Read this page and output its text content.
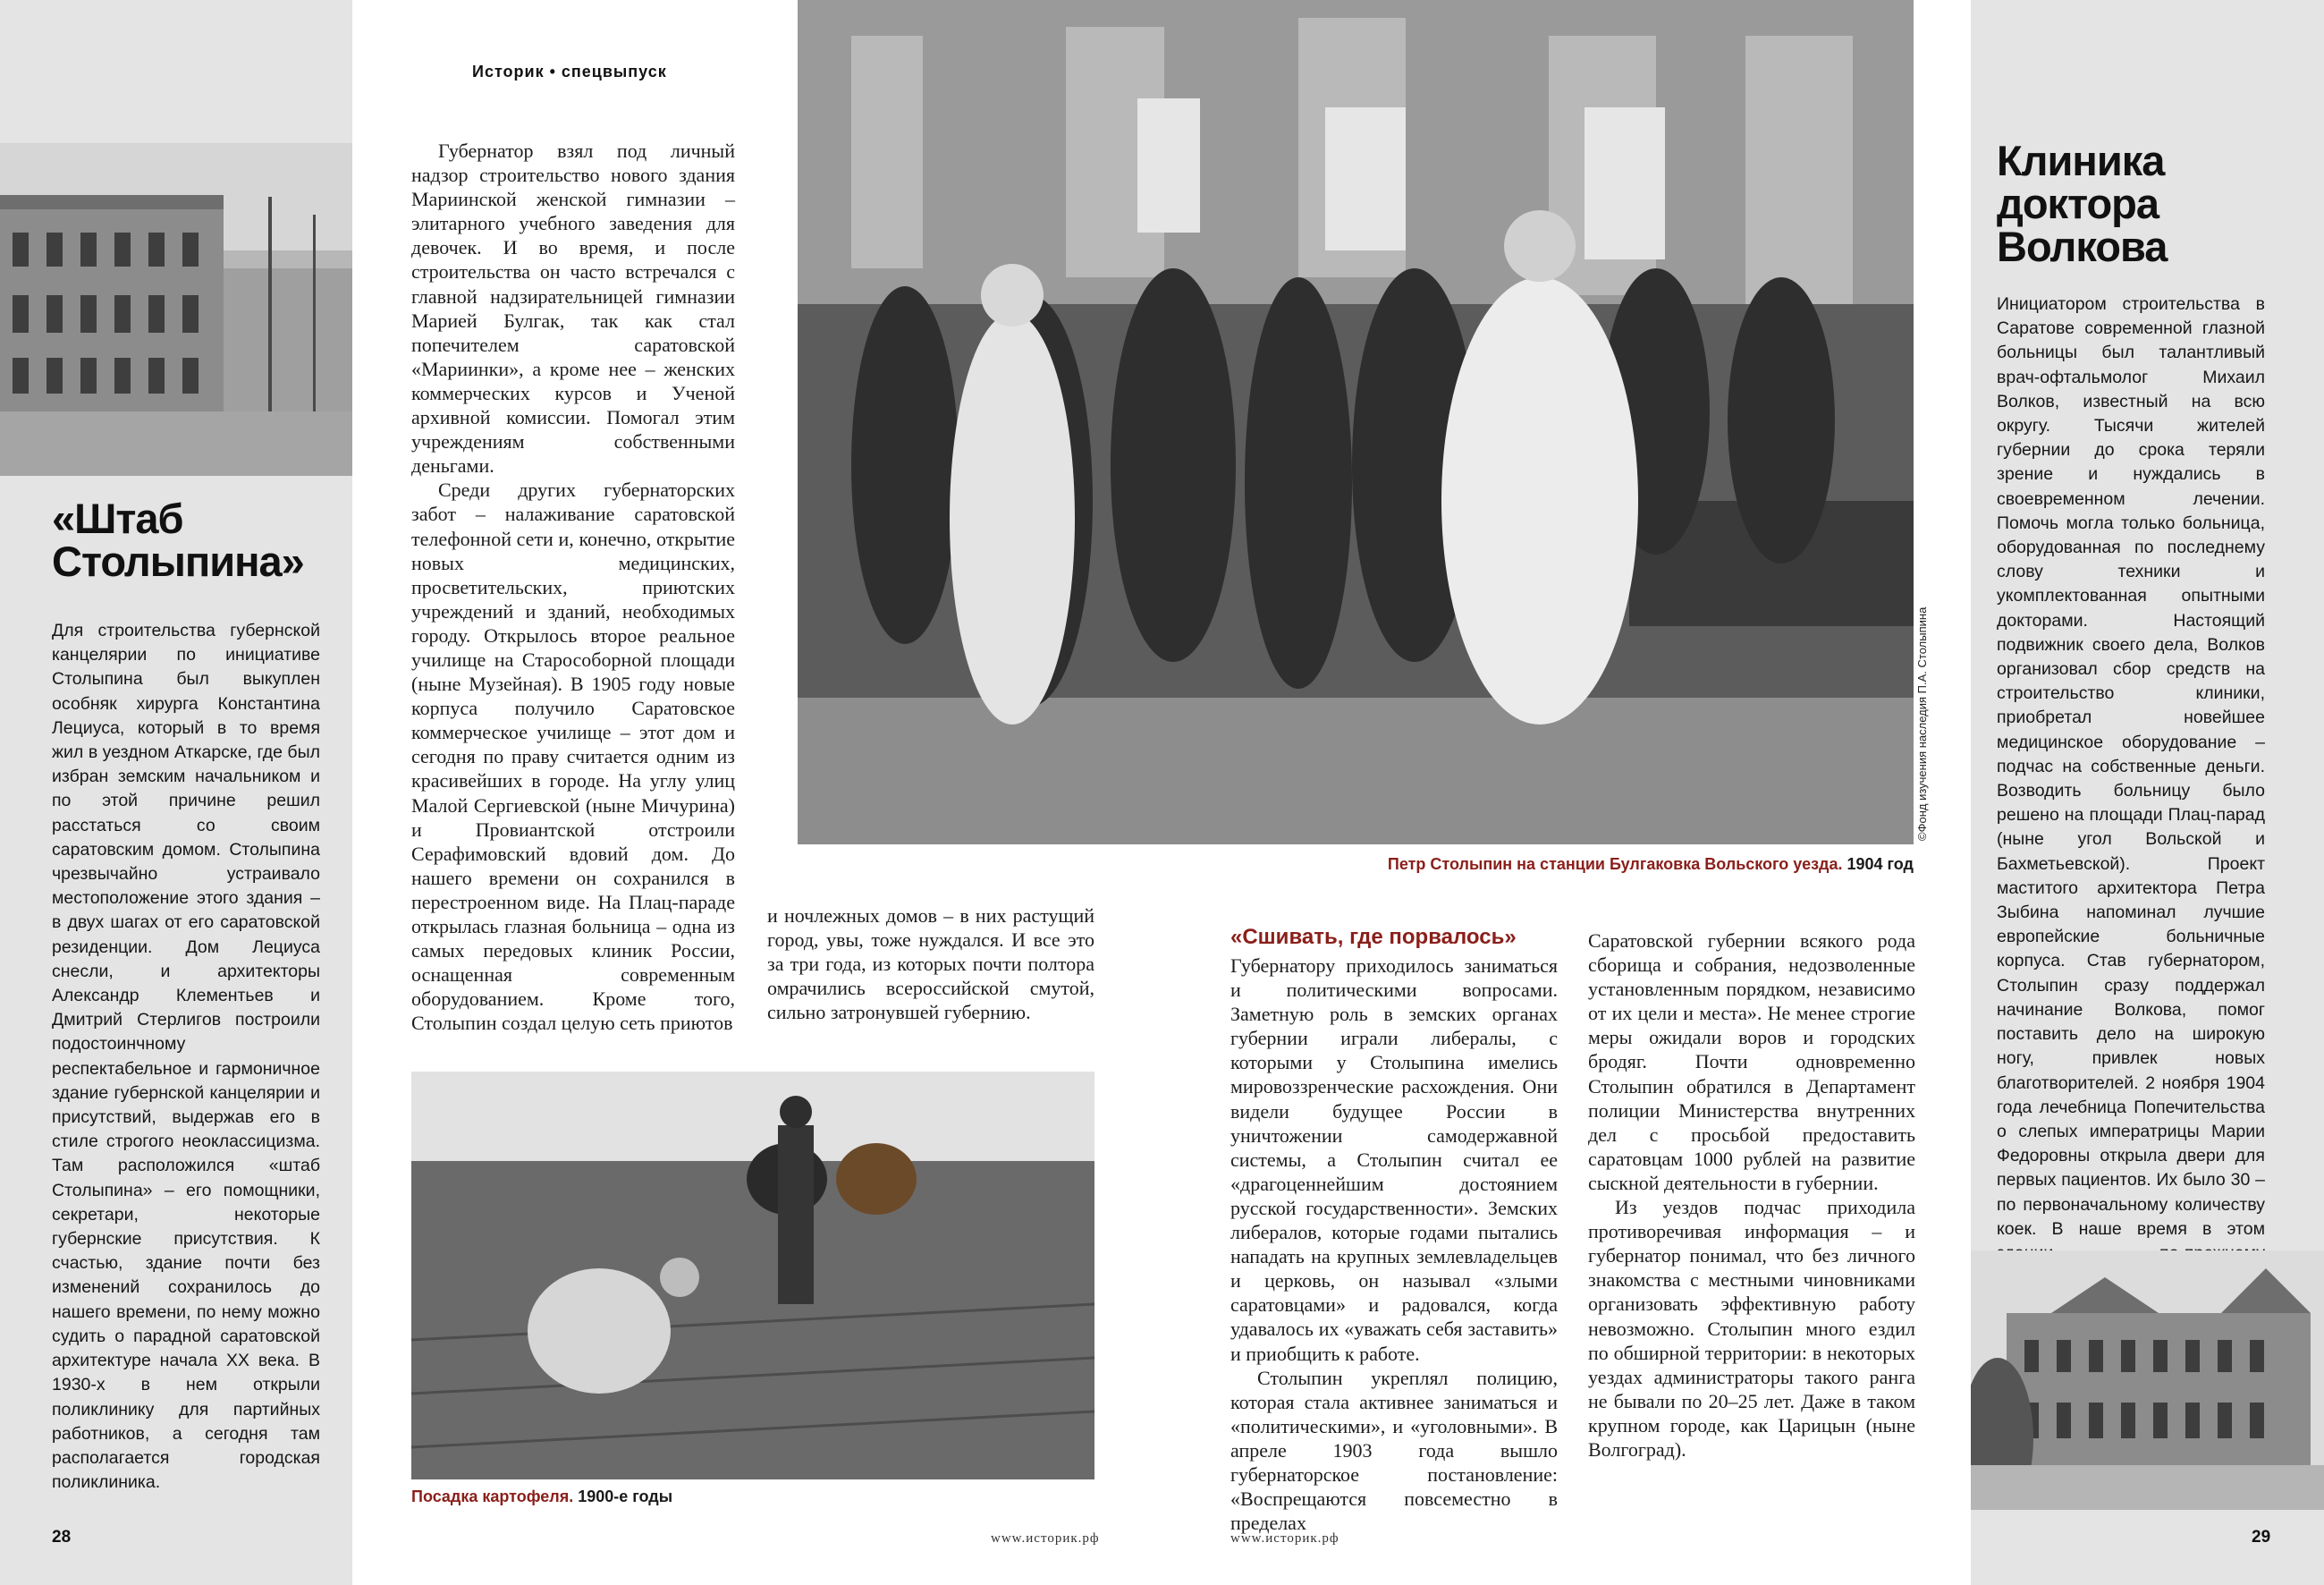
«Штаб
Столыпина»
Для строительства губернской канцелярии по инициативе Столыпина был выкуплен особняк хирурга Константина Лециуса, который в то время жил в уездном Аткарске, где был избран земским начальником и по этой причине решил расстаться со своим саратовским домом. Столыпина чрезвычайно устраивало местоположение этого здания – в двух шагах от его саратовской резиденции. Дом Лециуса снесли, и архитекторы Александр Клементьев и Дмитрий Стерлигов построили подостоинчному респектабельное и гармоничное здание губернской канцелярии и присутствий, выдержав его в стиле строгого неоклассицизма. Там расположился «штаб Столыпина» – его помощники, секретари, некоторые губернские присутствия. К счастью, здание почти без изменений сохранилось до нашего времени, по нему можно судить о парадной саратовской архитектуре начала XX века. В 1930-х в нем открыли поликлинику для партийных работников, а сегодня там располагается городская поликлиника.
28
Историк • спецвыпуск

Губернатор взял под личный надзор строительство нового здания Мариинской женской гимназии – элитарного учебного заведения для девочек. И во время, и после строительства он часто встречался с главной надзирательницей гимназии Марией Булгак, так как стал попечителем саратовской «Мариинки», а кроме нее – женских коммерческих курсов и Ученой архивной комиссии. Помогал этим учреждениям собственными деньгами.

Среди других губернаторских забот – налаживание саратовской телефонной сети и, конечно, открытие новых медицинских, просветительских, приютских учреждений и зданий, необходимых городу. Открылось второе реальное училище на Старособорной площади (ныне Музейная). В 1905 году новые корпуса получило Саратовское коммерческое училище – этот дом и сегодня по праву считается одним из красивейших в городе. На углу улиц Малой Сергиевской (ныне Мичурина) и Провиантской отстроили Серафимовский вдовий дом. До нашего времени он сохранился в перестроенном виде. На Плац-параде открылась глазная больница – одна из самых передовых клиник России, оснащенная современным оборудованием. Кроме того, Столыпин создал целую сеть приютов

©Фонд изучения наследия П.А. Столыпина
Петр Столыпин на станции Булгаковка Вольского уезда. 1904 год

и ночлежных домов – в них растущий город, увы, тоже нуждался. И все это за три года, из которых почти полтора омрачились всероссийской смутой, сильно затронувшей губернию.

Посадка картофеля. 1900-е годы
www.историк.рф
«Сшивать, где порвалось»

Губернатору приходилось заниматься и политическими вопросами. Заметную роль в земских органах губернии играли либералы, с которыми у Столыпина имелись мировоззренческие расхождения. Они видели будущее России в уничтожении самодержавной системы, а Столыпин считал ее «драгоценнейшим достоянием русской государственности». Земских либералов, которые годами пытались нападать на крупных землевладельцев и церковь, он называл «злыми саратовцами» и радовался, когда удавалось их «уважать себя заставить» и приобщить к работе.

Столыпин укреплял полицию, которая стала активнее заниматься и «политическими», и «уголовными». В апреле 1903 года вышло губернаторское постановление: «Воспрещаются повсеместно в пределах

www.историк.рф

Саратовской губернии всякого рода сборища и собрания, недозволенные установленным порядком, независимо от их цели и места». Не менее строгие меры ожидали воров и городских бродяг. Почти одновременно Столыпин обратился в Департамент полиции Министерства внутренних дел с просьбой предоставить саратовцам 1000 рублей на развитие сыскной деятельности в губернии.

Из уездов подчас приходила противоречивая информация – и губернатор понимал, что без личного знакомства с местными чиновниками организовать эффективную работу невозможно. Столыпин много ездил по обширной территории: в некоторых уездах администраторы такого ранга не бывали по 20–25 лет. Даже в таком крупном городе, как Царицын (ныне Волгоград).

Клиника
доктора
Волкова
Инициатором строительства в Саратове современной глазной больницы был талантливый врач-офтальмолог Михаил Волков, известный на всю округу. Тысячи жителей губернии до срока теряли зрение и нуждались в своевременном лечении. Помочь могла только больница, оборудованная по последнему слову техники и укомплектованная опытными докторами. Настоящий подвижник своего дела, Волков организовал сбор средств на строительство клиники, приобретал новейшее медицинское оборудование – подчас на собственные деньги. Возводить больницу было решено на площади Плац-парад (ныне угол Вольской и Бахметьевской). Проект маститого архитектора Петра Зыбина напоминал лучшие европейские больничные корпуса. Став губернатором, Столыпин сразу поддержал начинание Волкова, помог поставить дело на широкую ногу, привлек новых благотворителей. 2 ноября 1904 года лечебница Попечительства о слепых императрицы Марии Федоровны открыла двери для первых пациентов. Их было 30 – по первоначальному количеству коек. В наше время в этом
29
